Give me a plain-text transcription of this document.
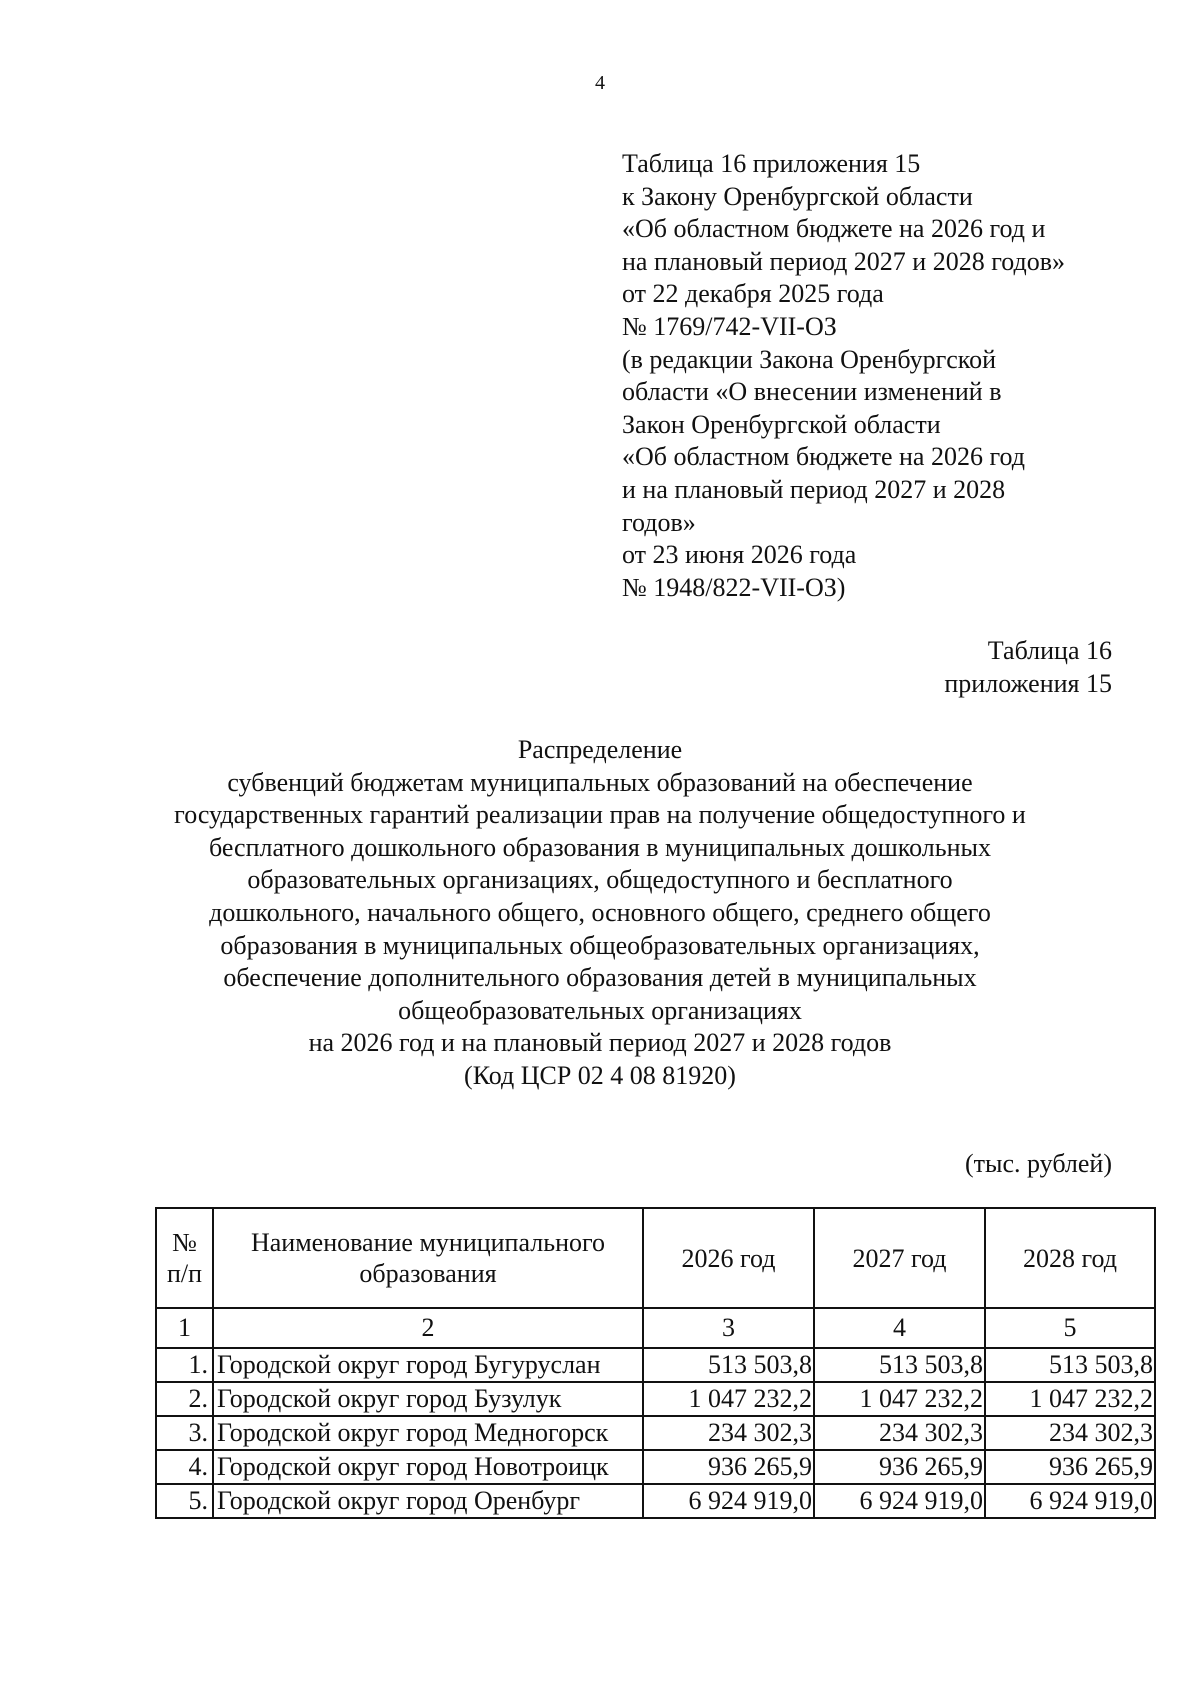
4
Таблица 16 приложения 15
к Закону Оренбургской области
«Об областном бюджете на 2026 год и
на плановый период 2027 и 2028 годов»
от 22 декабря 2025 года
№ 1769/742-VII-ОЗ
(в редакции Закона Оренбургской
области «О внесении изменений в
Закон Оренбургской области
«Об областном бюджете на 2026 год
и на плановый период 2027 и 2028
годов»
от 23 июня 2026 года
№ 1948/822-VII-ОЗ)
Таблица 16
приложения 15
Распределение
субвенций бюджетам муниципальных образований на обеспечение
государственных гарантий реализации прав на получение общедоступного и
бесплатного дошкольного образования в муниципальных дошкольных
образовательных организациях, общедоступного и бесплатного
дошкольного, начального общего, основного общего, среднего общего
образования в муниципальных общеобразовательных организациях,
обеспечение дополнительного образования детей в муниципальных
общеобразовательных организациях
на 2026 год и на плановый период 2027 и 2028 годов
(Код ЦСР 02 4 08 81920)
(тыс. рублей)
№
п/п	Наименование муниципального образования	2026 год	2027 год	2028 год
1	2	3	4	5
1.	Городской округ город Бугуруслан	513 503,8	513 503,8	513 503,8
2.	Городской округ город Бузулук	1 047 232,2	1 047 232,2	1 047 232,2
3.	Городской округ город Медногорск	234 302,3	234 302,3	234 302,3
4.	Городской округ город Новотроицк	936 265,9	936 265,9	936 265,9
5.	Городской округ город Оренбург	6 924 919,0	6 924 919,0	6 924 919,0
